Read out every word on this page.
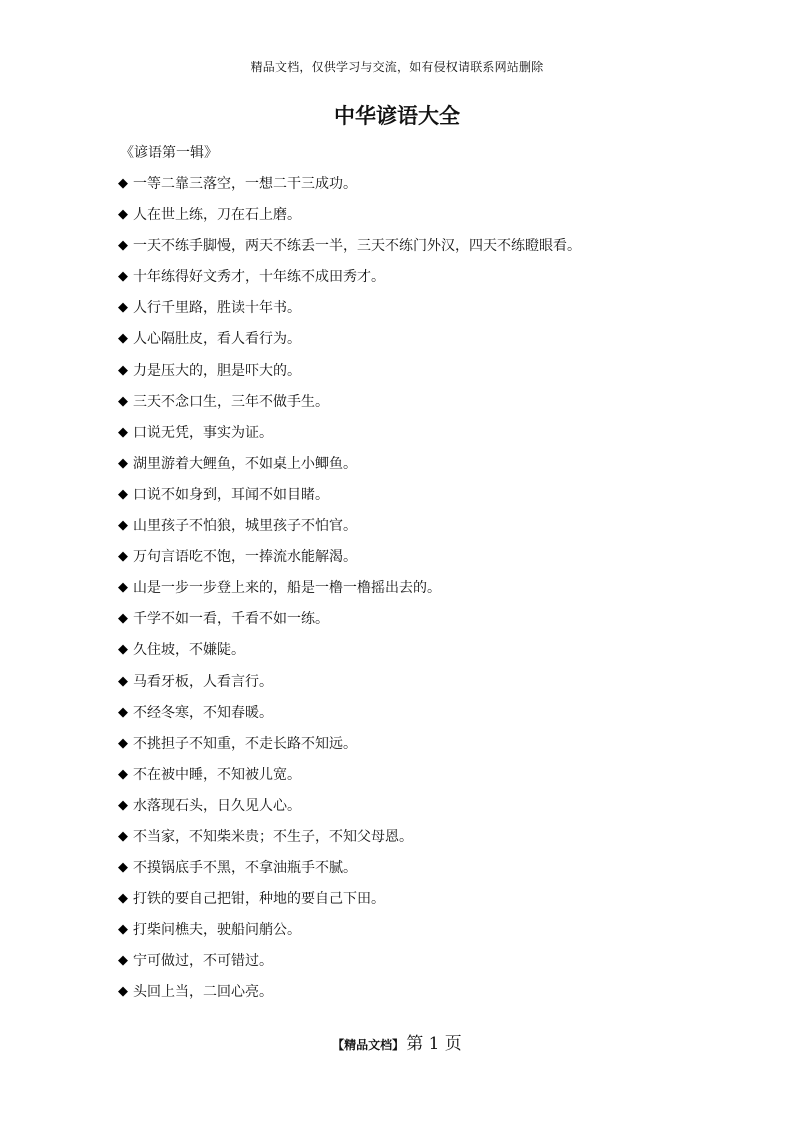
精品文档，仅供学习与交流，如有侵权请联系网站删除
中华谚语大全
《谚语第一辑》
◆ 一等二靠三落空，一想二干三成功。
◆ 人在世上练，刀在石上磨。
◆ 一天不练手脚慢，两天不练丢一半，三天不练门外汉，四天不练瞪眼看。
◆ 十年练得好文秀才，十年练不成田秀才。
◆ 人行千里路，胜读十年书。
◆ 人心隔肚皮，看人看行为。
◆ 力是压大的，胆是吓大的。
◆ 三天不念口生，三年不做手生。
◆ 口说无凭，事实为证。
◆ 湖里游着大鲤鱼，不如桌上小鲫鱼。
◆ 口说不如身到，耳闻不如目睹。
◆ 山里孩子不怕狼，城里孩子不怕官。
◆ 万句言语吃不饱，一捧流水能解渴。
◆ 山是一步一步登上来的，船是一橹一橹摇出去的。
◆ 千学不如一看，千看不如一练。
◆ 久住坡，不嫌陡。
◆ 马看牙板，人看言行。
◆ 不经冬寒，不知春暖。
◆ 不挑担子不知重，不走长路不知远。
◆ 不在被中睡，不知被儿宽。
◆ 水落现石头，日久见人心。
◆ 不当家，不知柴米贵；不生子，不知父母恩。
◆ 不摸锅底手不黑，不拿油瓶手不腻。
◆ 打铁的要自己把钳，种地的要自己下田。
◆ 打柴问樵夫，驶船问艄公。
◆ 宁可做过，不可错过。
◆ 头回上当，二回心亮。
【精品文档】 第 1 页
